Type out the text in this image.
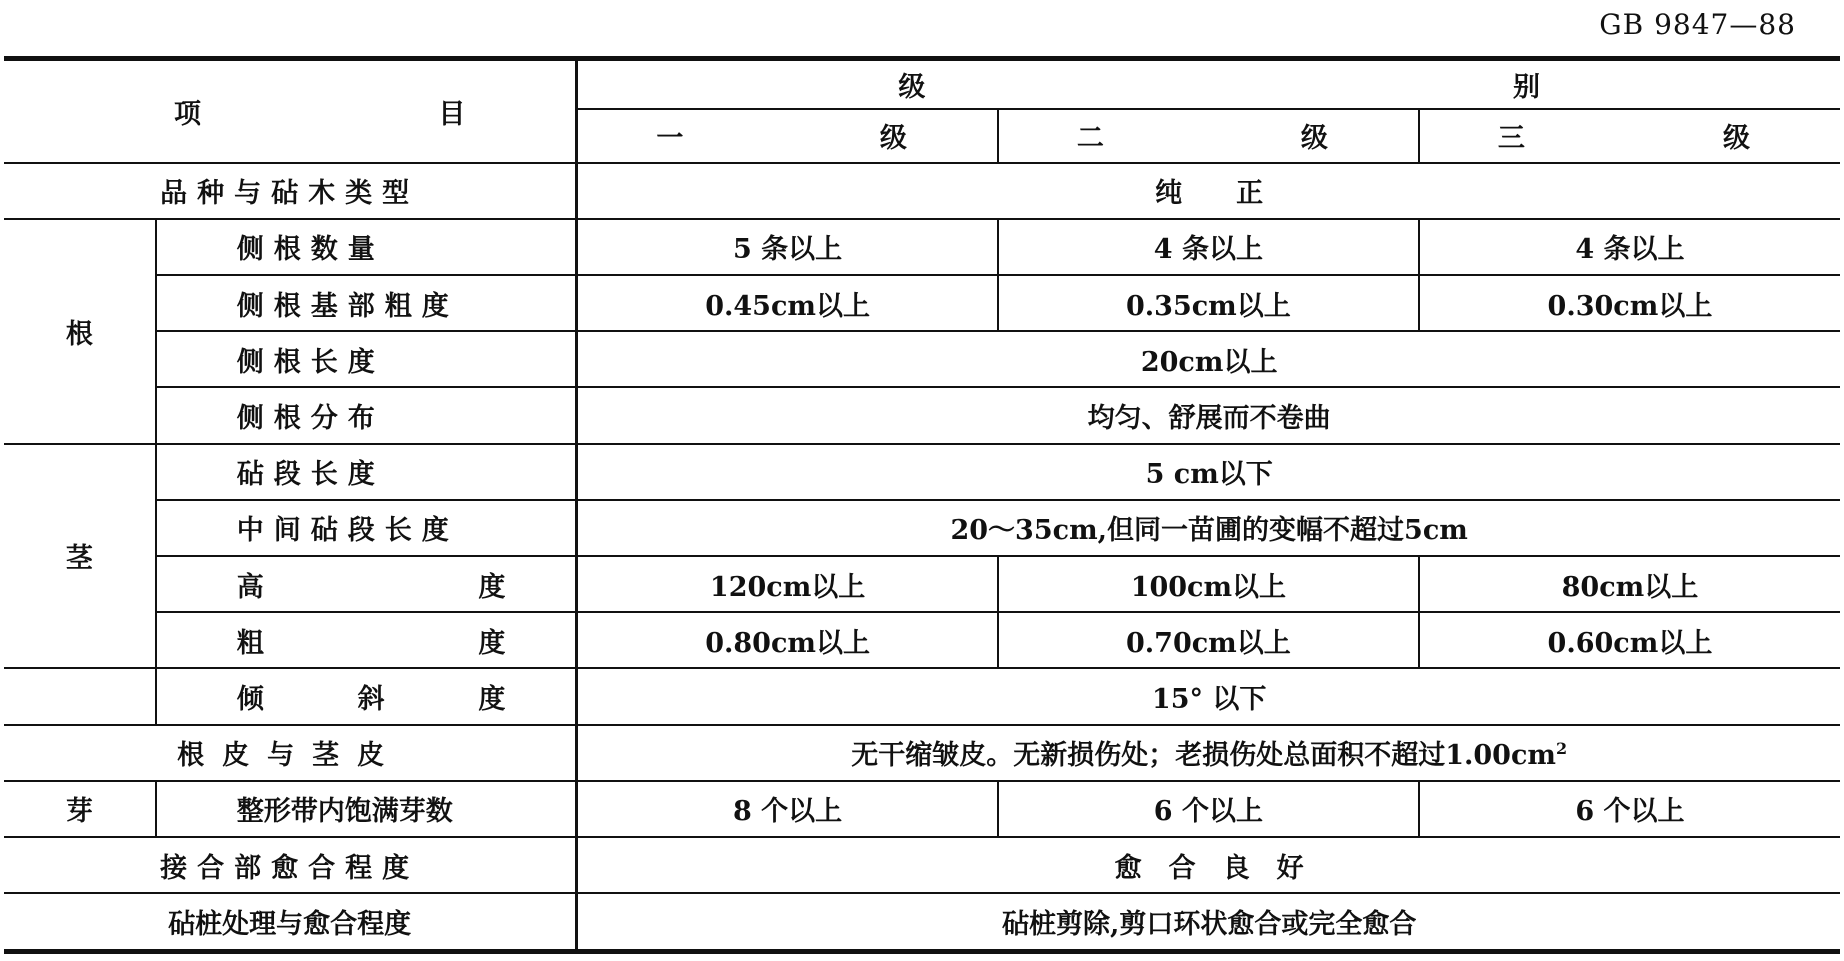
GB 9847—88
项 目		级 别		

		一 级	二 级	三 级

品种与砧木类型		纯　　正		
根	侧根数量	5 条以上	4 条以上	4 条以上
	侧根基部粗度	0.45cm以上	0.35cm以上	0.30cm以上
	侧根长度	20cm以上		
	侧根分布	均匀、舒展而不卷曲		
茎	砧段长度	5 cm以下		
	中间砧段长度	20～35cm,但同一苗圃的变幅不超过5cm		

	高 度	120cm以上	100cm以上	80cm以上

	粗 度	0.80cm以上	0.70cm以上	0.60cm以上

	倾 斜 度	15° 以下		
根皮与茎皮		无干缩皱皮。无新损伤处；老损伤处总面积不超过$1.00cm^2$
芽	整形带内饱满芽数	8 个以上	6 个以上	6 个以上
接合部愈合程度		愈　合　良　好		
砧桩处理与愈合程度		砧桩剪除,剪口环状愈合或完全愈合		
